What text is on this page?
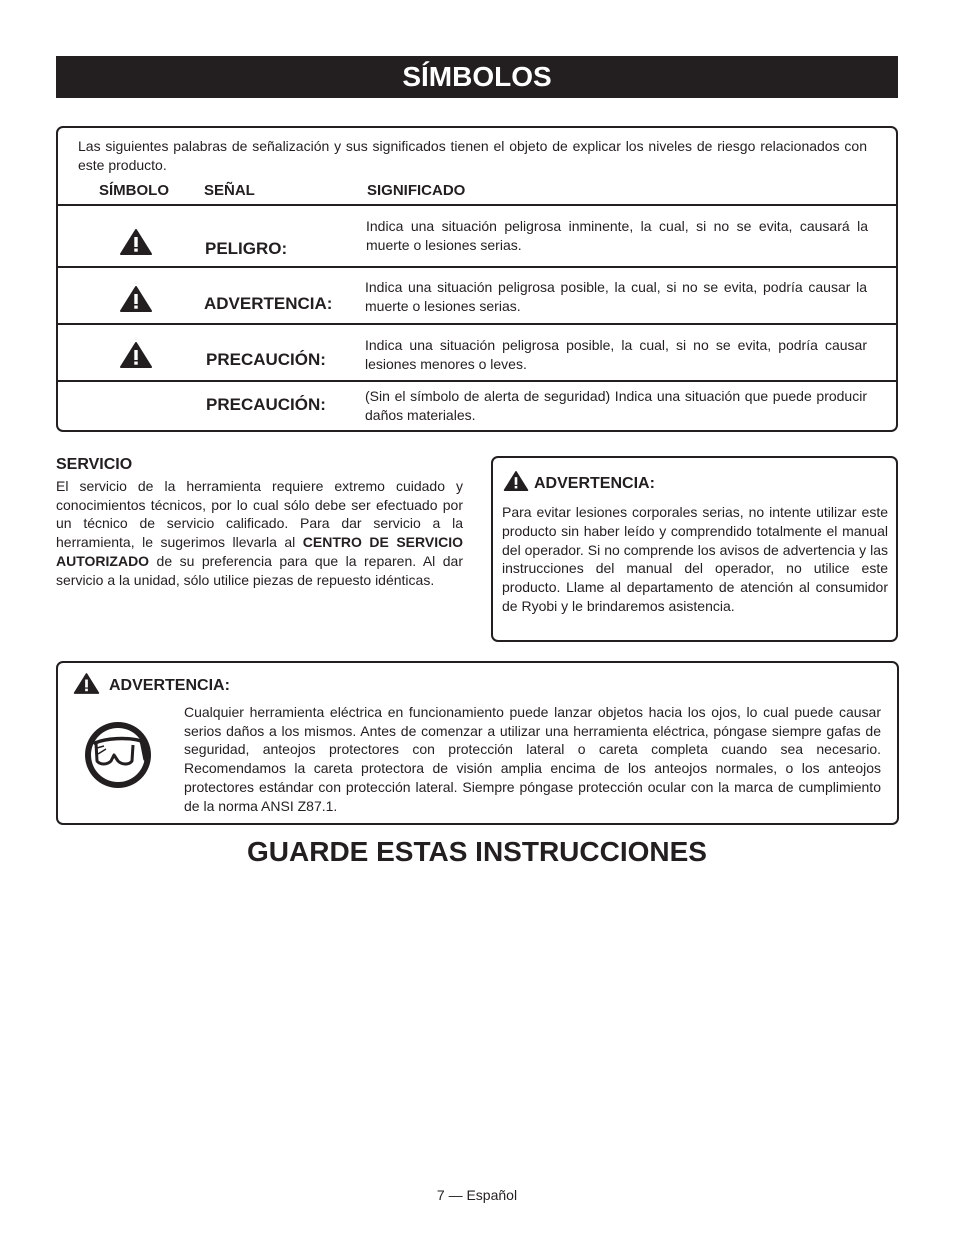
SÍMBOLOS
Las siguientes palabras de señalización y sus significados tienen el objeto de explicar los niveles de riesgo relacionados con este producto.
SÍMBOLO SEÑAL	SIGNIFICADO
PELIGRO:
Indica una situación peligrosa inminente, la cual, si no se evita, causará la muerte o lesiones serias.
ADVERTENCIA:
Indica una situación peligrosa posible, la cual, si no se evita, podría causar la muerte o lesiones serias.
PRECAUCIÓN:
Indica una situación peligrosa posible, la cual, si no se evita, podría causar lesiones menores o leves.
PRECAUCIÓN:	(Sin el símbolo de alerta de seguridad) Indica una situación que puede producir daños materiales.
SERVICIO
El servicio de la herramienta requiere extremo cuidado y conocimientos técnicos, por lo cual sólo debe ser efectuado por un técnico de servicio calificado. Para dar servicio a la herramienta, le sugerimos llevarla al CENTRO DE SERVICIO AUTORIZADO de su preferencia para que la reparen. Al dar servicio a la unidad, sólo utilice piezas de repuesto idénticas.
ADVERTENCIA:
Para evitar lesiones corporales serias, no intente utilizar este producto sin haber leído y comprendido totalmente el manual del operador. Si no comprende los avisos de advertencia y las instrucciones del manual del operador, no utilice este producto. Llame al departamento de atención al consumidor de Ryobi y le brindaremos asistencia.
ADVERTENCIA:
Cualquier herramienta eléctrica en funcionamiento puede lanzar objetos hacia los ojos, lo cual puede causar serios daños a los mismos. Antes de comenzar a utilizar una herramienta eléctrica, póngase siempre gafas de seguridad, anteojos protectores con protección lateral o careta completa cuando sea necesario. Recomendamos la careta protectora de visión amplia encima de los anteojos normales, o los anteojos protectores estándar con protección lateral. Siempre póngase protección ocular con la marca de cumplimiento de la norma ANSI Z87.1.
GUARDE ESTAS INSTRUCCIONES
7 — Español
